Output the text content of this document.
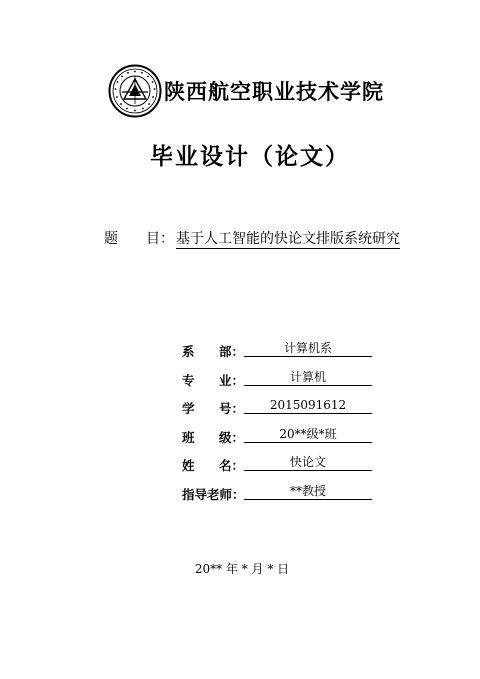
陕西航空职业技术学院
毕业设计（论文）
题 目： 基于人工智能的快论文排版系统研究
系 部：	计算机系
专 业：	计算机
学 号：	2015091612
班 级：	20**级*班
姓 名：	快论文
指导老师：	**教授
20** 年 * 月 * 日
